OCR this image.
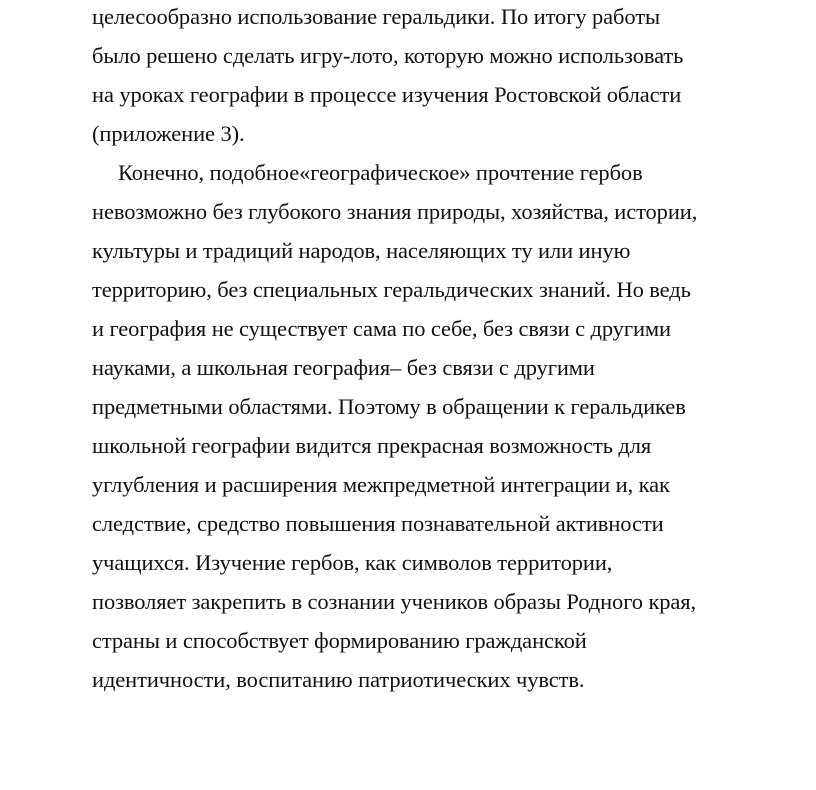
целесообразно использование геральдики. По итогу работы
было решено сделать игру-лото, которую можно использовать
на уроках географии в процессе изучения Ростовской области
(приложение 3).
Конечно, подобное«географическое» прочтение гербов
невозможно без глубокого знания природы, хозяйства, истории,
культуры и традиций народов, населяющих ту или иную
территорию, без специальных геральдических знаний. Но ведь
и география не существует сама по себе, без связи с другими
науками, а школьная география– без связи с другими
предметными областями. Поэтому в обращении к геральдикев
школьной географии видится прекрасная возможность для
углубления и расширения межпредметной интеграции и, как
следствие, средство повышения познавательной активности
учащихся. Изучение гербов, как символов территории,
позволяет закрепить в сознании учеников образы Родного края,
страны и способствует формированию гражданской
идентичности, воспитанию патриотических чувств.
